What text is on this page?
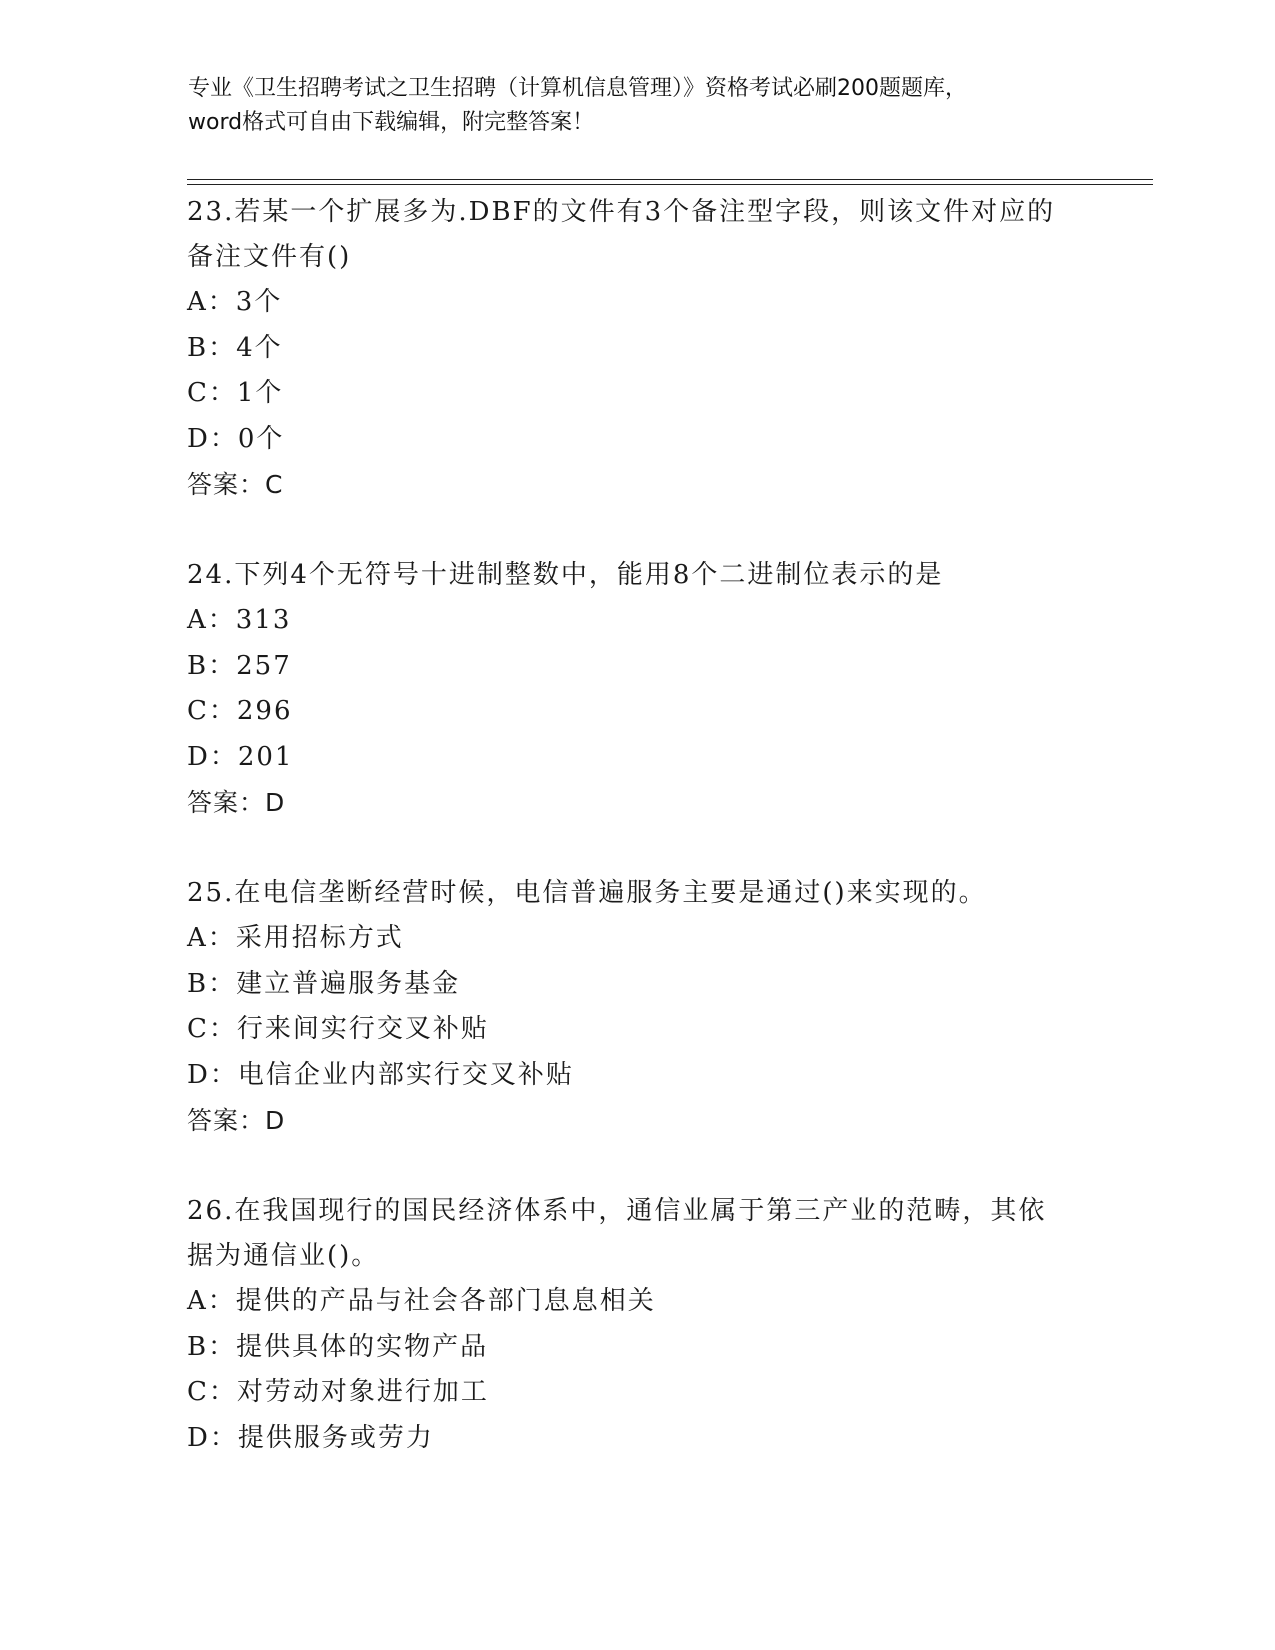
专业《卫生招聘考试之卫生招聘（计算机信息管理）》资格考试必刷200题题库，
word格式可自由下载编辑，附完整答案！

23.若某一个扩展多为.DBF的文件有3个备注型字段，则该文件对应的
备注文件有()

A：3个

B：4个

C：1个

D：0个

答案：C

24.下列4个无符号十进制整数中，能用8个二进制位表示的是

A：313

B：257

C：296

D：201

答案：D

25.在电信垄断经营时候，电信普遍服务主要是通过()来实现的。

A：采用招标方式

B：建立普遍服务基金

C：行来间实行交叉补贴

D：电信企业内部实行交叉补贴

答案：D

26.在我国现行的国民经济体系中，通信业属于第三产业的范畴，其依
据为通信业()。

A：提供的产品与社会各部门息息相关

B：提供具体的实物产品

C：对劳动对象进行加工

D：提供服务或劳力
